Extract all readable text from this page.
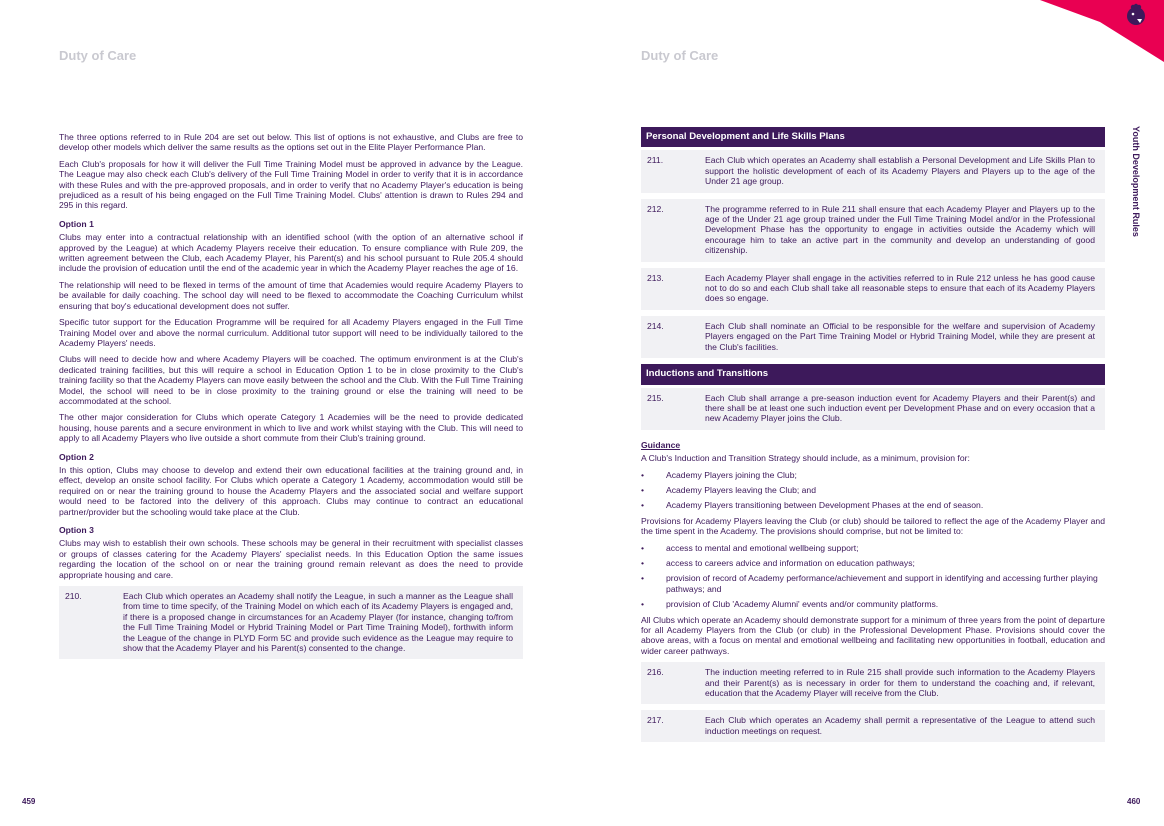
Duty of Care

The three options referred to in Rule 204 are set out below. This list of options is not exhaustive, and Clubs are free to develop other models which deliver the same results as the options set out in the Elite Player Performance Plan.

Each Club's proposals for how it will deliver the Full Time Training Model must be approved in advance by the League. The League may also check each Club's delivery of the Full Time Training Model in order to verify that it is in accordance with these Rules and with the pre-approved proposals, and in order to verify that no Academy Player's education is being prejudiced as a result of his being engaged on the Full Time Training Model. Clubs' attention is drawn to Rules 294 and 295 in this regard.

Option 1

Clubs may enter into a contractual relationship with an identified school (with the option of an alternative school if approved by the League) at which Academy Players receive their education. To ensure compliance with Rule 209, the written agreement between the Club, each Academy Player, his Parent(s) and his school pursuant to Rule 205.4 should include the provision of education until the end of the academic year in which the Academy Player reaches the age of 16.

The relationship will need to be flexed in terms of the amount of time that Academies would require Academy Players to be available for daily coaching. The school day will need to be flexed to accommodate the Coaching Curriculum whilst ensuring that boy's educational development does not suffer.

Specific tutor support for the Education Programme will be required for all Academy Players engaged in the Full Time Training Model over and above the normal curriculum. Additional tutor support will need to be individually tailored to the Academy Players' needs.

Clubs will need to decide how and where Academy Players will be coached. The optimum environment is at the Club's dedicated training facilities, but this will require a school in Education Option 1 to be in close proximity to the Club's training facility so that the Academy Players can move easily between the school and the Club. With the Full Time Training Model, the school will need to be in close proximity to the training ground or else the training will need to be accommodated at the school.

The other major consideration for Clubs which operate Category 1 Academies will be the need to provide dedicated housing, house parents and a secure environment in which to live and work whilst staying with the Club. This will need to apply to all Academy Players who live outside a short commute from their Club's training ground.

Option 2

In this option, Clubs may choose to develop and extend their own educational facilities at the training ground and, in effect, develop an onsite school facility. For Clubs which operate a Category 1 Academy, accommodation would still be required on or near the training ground to house the Academy Players and the associated social and welfare support would need to be factored into the delivery of this approach. Clubs may continue to contract an educational partner/provider but the schooling would take place at the Club.

Option 3

Clubs may wish to establish their own schools. These schools may be general in their recruitment with specialist classes or groups of classes catering for the Academy Players' specialist needs. In this Education Option the same issues regarding the location of the school on or near the training ground remain relevant as does the need to provide appropriate housing and care.

210.	Each Club which operates an Academy shall notify the League, in such a manner as the League shall from time to time specify, of the Training Model on which each of its Academy Players is engaged and, if there is a proposed change in circumstances for an Academy Player (for instance, changing to/from the Full Time Training Model or Hybrid Training Model or Part Time Training Model), forthwith inform the League of the change in PLYD Form 5C and provide such evidence as the League may require to show that the Academy Player and his Parent(s) consented to the change.
459
Duty of Care
Youth Development Rules
Personal Development and Life Skills Plans
211.	Each Club which operates an Academy shall establish a Personal Development and Life Skills Plan to support the holistic development of each of its Academy Players and Players up to the age of the Under 21 age group.
212.	The programme referred to in Rule 211 shall ensure that each Academy Player and Players up to the age of the Under 21 age group trained under the Full Time Training Model and/or in the Professional Development Phase has the opportunity to engage in activities outside the Academy which will encourage him to take an active part in the community and develop an understanding of good citizenship.
213.	Each Academy Player shall engage in the activities referred to in Rule 212 unless he has good cause not to do so and each Club shall take all reasonable steps to ensure that each of its Academy Players does so engage.
214.	Each Club shall nominate an Official to be responsible for the welfare and supervision of Academy Players engaged on the Part Time Training Model or Hybrid Training Model, while they are present at the Club's facilities.
Inductions and Transitions
215.	Each Club shall arrange a pre-season induction event for Academy Players and their Parent(s) and there shall be at least one such induction event per Development Phase and on every occasion that a new Academy Player joins the Club.
Guidance

A Club's Induction and Transition Strategy should include, as a minimum, provision for:

• Academy Players joining the Club;
• Academy Players leaving the Club; and
• Academy Players transitioning between Development Phases at the end of season.

Provisions for Academy Players leaving the Club (or club) should be tailored to reflect the age of the Academy Player and the time spent in the Academy. The provisions should comprise, but not be limited to:

• access to mental and emotional wellbeing support;
• access to careers advice and information on education pathways;
• provision of record of Academy performance/achievement and support in identifying and accessing further playing pathways; and
• provision of Club 'Academy Alumni' events and/or community platforms.

All Clubs which operate an Academy should demonstrate support for a minimum of three years from the point of departure for all Academy Players from the Club (or club) in the Professional Development Phase. Provisions should cover the above areas, with a focus on mental and emotional wellbeing and facilitating new opportunities in football, education and wider career pathways.

216.	The induction meeting referred to in Rule 215 shall provide such information to the Academy Players and their Parent(s) as is necessary in order for them to understand the coaching and, if relevant, education that the Academy Player will receive from the Club.
217.	Each Club which operates an Academy shall permit a representative of the League to attend such induction meetings on request.
460
